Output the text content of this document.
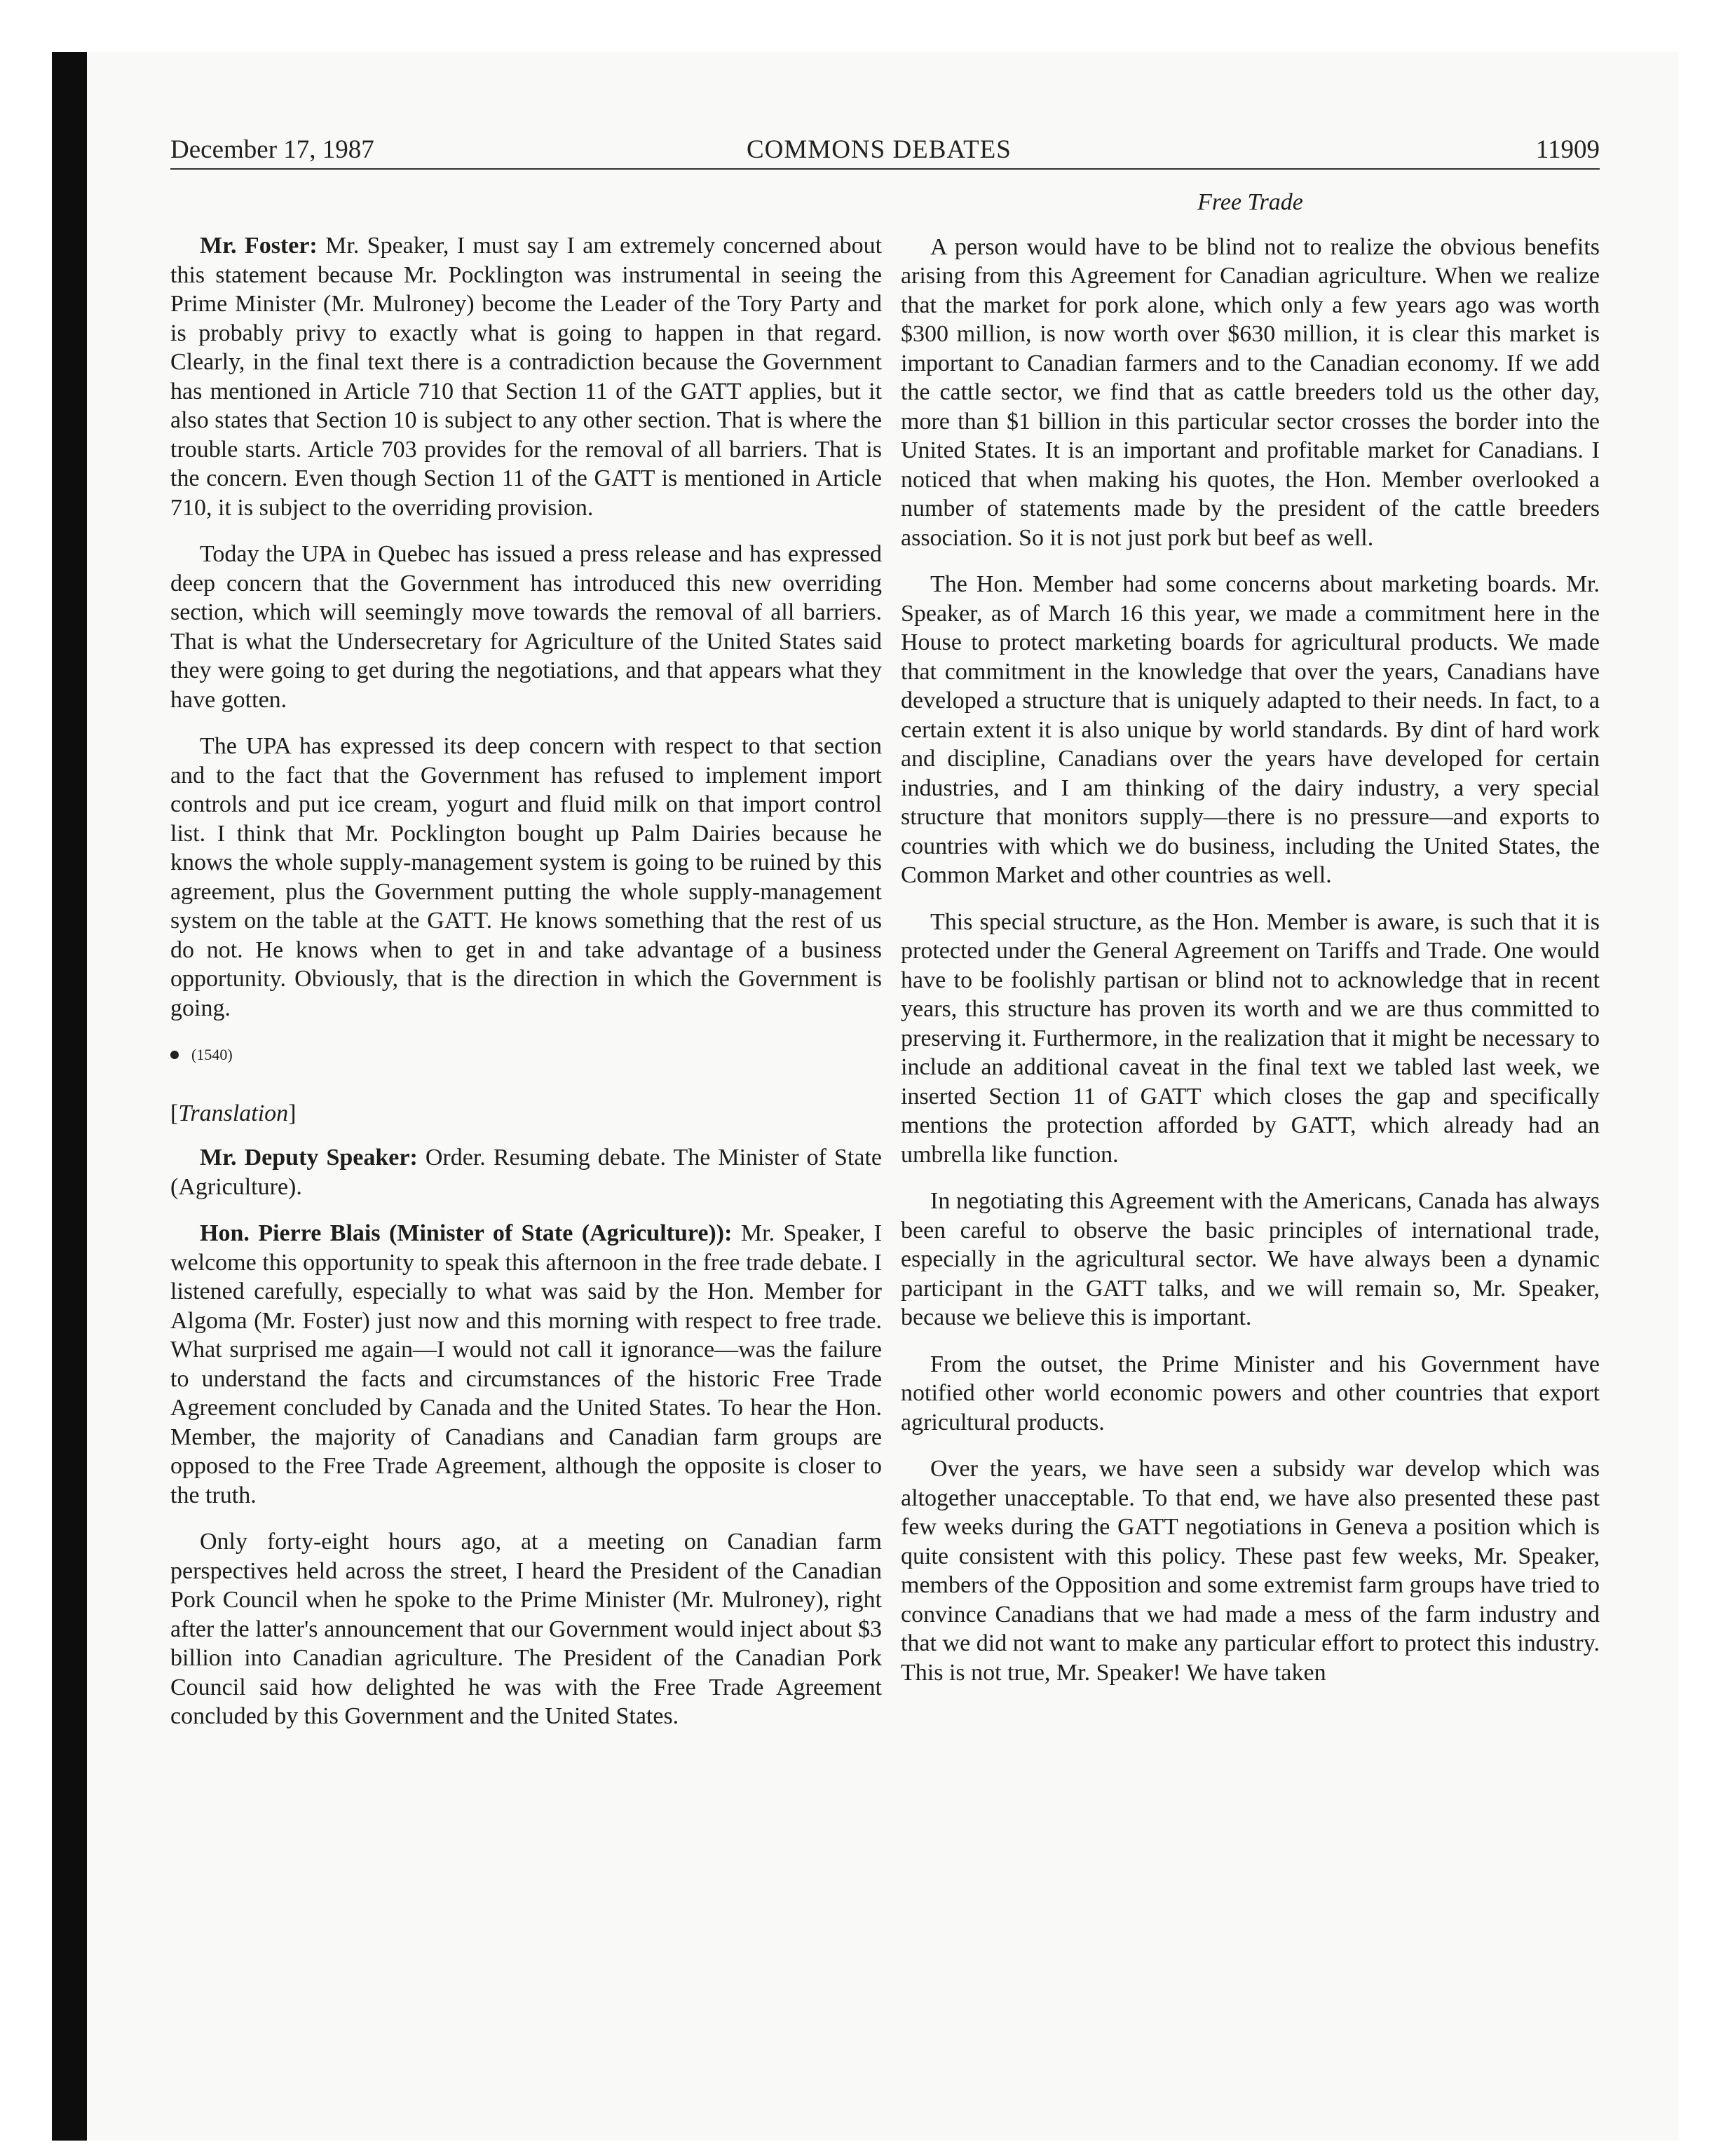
December 17, 1987	COMMONS DEBATES	11909

Mr. Foster: Mr. Speaker, I must say I am extremely concerned about this statement because Mr. Pocklington was instrumental in seeing the Prime Minister (Mr. Mulroney) become the Leader of the Tory Party and is probably privy to exactly what is going to happen in that regard. Clearly, in the final text there is a contradiction because the Government has mentioned in Article 710 that Section 11 of the GATT applies, but it also states that Section 10 is subject to any other section. That is where the trouble starts. Article 703 provides for the removal of all barriers. That is the concern. Even though Section 11 of the GATT is mentioned in Article 710, it is subject to the overriding provision.

Today the UPA in Quebec has issued a press release and has expressed deep concern that the Government has introduced this new overriding section, which will seemingly move towards the removal of all barriers. That is what the Undersecretary for Agriculture of the United States said they were going to get during the negotiations, and that appears what they have gotten.

The UPA has expressed its deep concern with respect to that section and to the fact that the Government has refused to implement import controls and put ice cream, yogurt and fluid milk on that import control list. I think that Mr. Pocklington bought up Palm Dairies because he knows the whole supply-management system is going to be ruined by this agreement, plus the Government putting the whole supply-management system on the table at the GATT. He knows something that the rest of us do not. He knows when to get in and take advantage of a business opportunity. Obviously, that is the direction in which the Government is going.

(1540)
[Translation]

Mr. Deputy Speaker: Order. Resuming debate. The Minister of State (Agriculture).

Hon. Pierre Blais (Minister of State (Agriculture)): Mr. Speaker, I welcome this opportunity to speak this afternoon in the free trade debate. I listened carefully, especially to what was said by the Hon. Member for Algoma (Mr. Foster) just now and this morning with respect to free trade. What surprised me again—I would not call it ignorance—was the failure to understand the facts and circumstances of the historic Free Trade Agreement concluded by Canada and the United States. To hear the Hon. Member, the majority of Canadians and Canadian farm groups are opposed to the Free Trade Agreement, although the opposite is closer to the truth.

Only forty-eight hours ago, at a meeting on Canadian farm perspectives held across the street, I heard the President of the Canadian Pork Council when he spoke to the Prime Minister (Mr. Mulroney), right after the latter's announcement that our Government would inject about $3 billion into Canadian agriculture. The President of the Canadian Pork Council said how delighted he was with the Free Trade Agreement concluded by this Government and the United States.

Free Trade

A person would have to be blind not to realize the obvious benefits arising from this Agreement for Canadian agriculture. When we realize that the market for pork alone, which only a few years ago was worth $300 million, is now worth over $630 million, it is clear this market is important to Canadian farmers and to the Canadian economy. If we add the cattle sector, we find that as cattle breeders told us the other day, more than $1 billion in this particular sector crosses the border into the United States. It is an important and profitable market for Canadians. I noticed that when making his quotes, the Hon. Member overlooked a number of statements made by the president of the cattle breeders association. So it is not just pork but beef as well.

The Hon. Member had some concerns about marketing boards. Mr. Speaker, as of March 16 this year, we made a commitment here in the House to protect marketing boards for agricultural products. We made that commitment in the knowledge that over the years, Canadians have developed a structure that is uniquely adapted to their needs. In fact, to a certain extent it is also unique by world standards. By dint of hard work and discipline, Canadians over the years have developed for certain industries, and I am thinking of the dairy industry, a very special structure that monitors supply—there is no pressure—and exports to countries with which we do business, including the United States, the Common Market and other countries as well.

This special structure, as the Hon. Member is aware, is such that it is protected under the General Agreement on Tariffs and Trade. One would have to be foolishly partisan or blind not to acknowledge that in recent years, this structure has proven its worth and we are thus committed to preserving it. Furthermore, in the realization that it might be necessary to include an additional caveat in the final text we tabled last week, we inserted Section 11 of GATT which closes the gap and specifically mentions the protection afforded by GATT, which already had an umbrella like function.

In negotiating this Agreement with the Americans, Canada has always been careful to observe the basic principles of international trade, especially in the agricultural sector. We have always been a dynamic participant in the GATT talks, and we will remain so, Mr. Speaker, because we believe this is important.

From the outset, the Prime Minister and his Government have notified other world economic powers and other countries that export agricultural products.

Over the years, we have seen a subsidy war develop which was altogether unacceptable. To that end, we have also presented these past few weeks during the GATT negotiations in Geneva a position which is quite consistent with this policy. These past few weeks, Mr. Speaker, members of the Opposition and some extremist farm groups have tried to convince Canadians that we had made a mess of the farm industry and that we did not want to make any particular effort to protect this industry. This is not true, Mr. Speaker! We have taken
